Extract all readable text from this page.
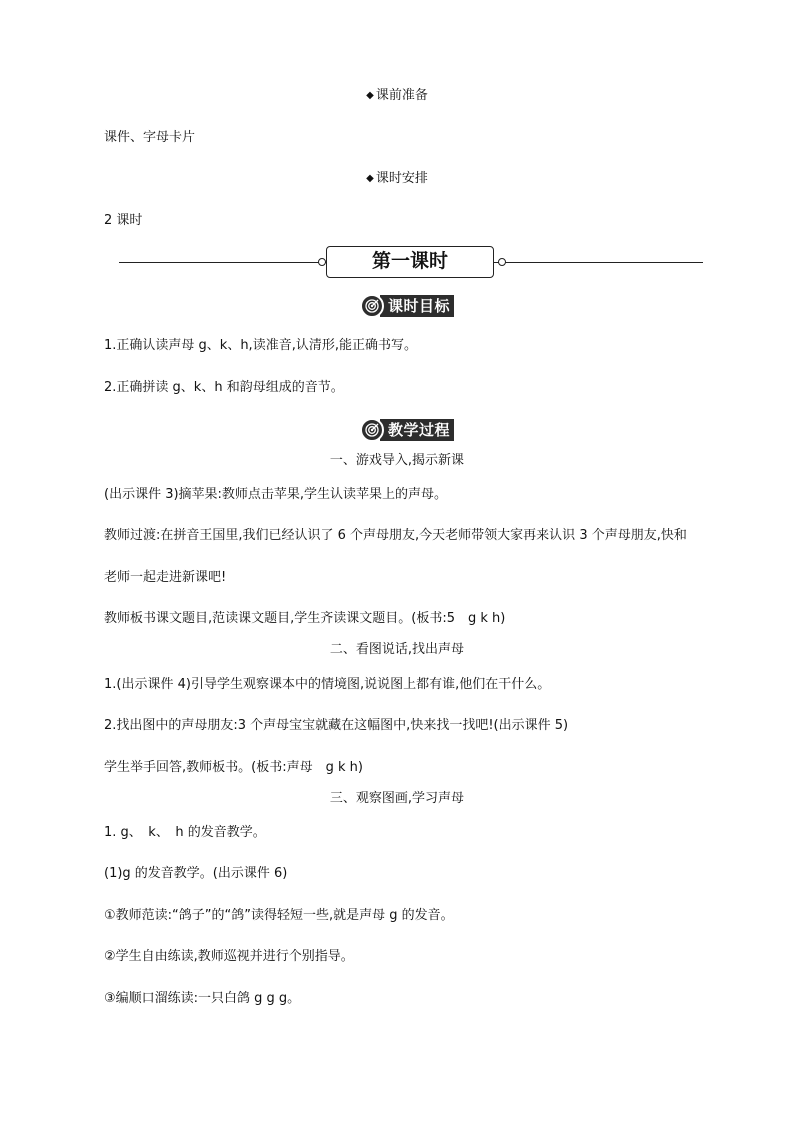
◆ 课前准备
课件、字母卡片
◆ 课时安排
2 课时
第一课时
课时目标
1.正确认读声母 g、k、h,读准音,认清形,能正确书写。
2.正确拼读 g、k、h 和韵母组成的音节。
教学过程
一、游戏导入,揭示新课
(出示课件 3)摘苹果:教师点击苹果,学生认读苹果上的声母。
教师过渡:在拼音王国里,我们已经认识了 6 个声母朋友,今天老师带领大家再来认识 3 个声母朋友,快和
老师一起走进新课吧!
教师板书课文题目,范读课文题目,学生齐读课文题目。(板书:5　g k h)
二、看图说话,找出声母
1.(出示课件 4)引导学生观察课本中的情境图,说说图上都有谁,他们在干什么。
2.找出图中的声母朋友:3 个声母宝宝就藏在这幅图中,快来找一找吧!(出示课件 5)
学生举手回答,教师板书。(板书:声母　g k h)
三、观察图画,学习声母
1. g、　k、　h 的发音教学。
(1)g 的发音教学。(出示课件 6)
①教师范读:“鸽子”的“鸽”读得轻短一些,就是声母 g 的发音。
②学生自由练读,教师巡视并进行个别指导。
③编顺口溜练读:一只白鸽 g g g。
